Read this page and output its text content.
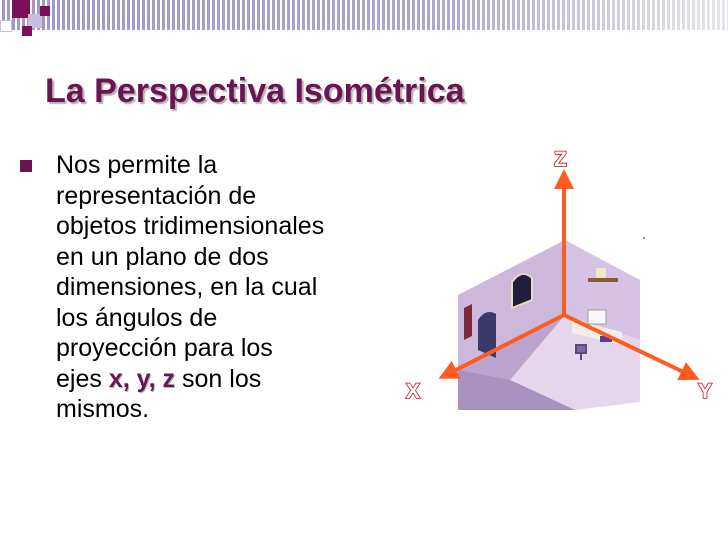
La Perspectiva Isométrica
Nos permite la
representación de
objetos tridimensionales
en un plano de dos
dimensiones, en la cual
los ángulos de
proyección para los
ejes x, y, z son los
mismos.
Z
X	Y
